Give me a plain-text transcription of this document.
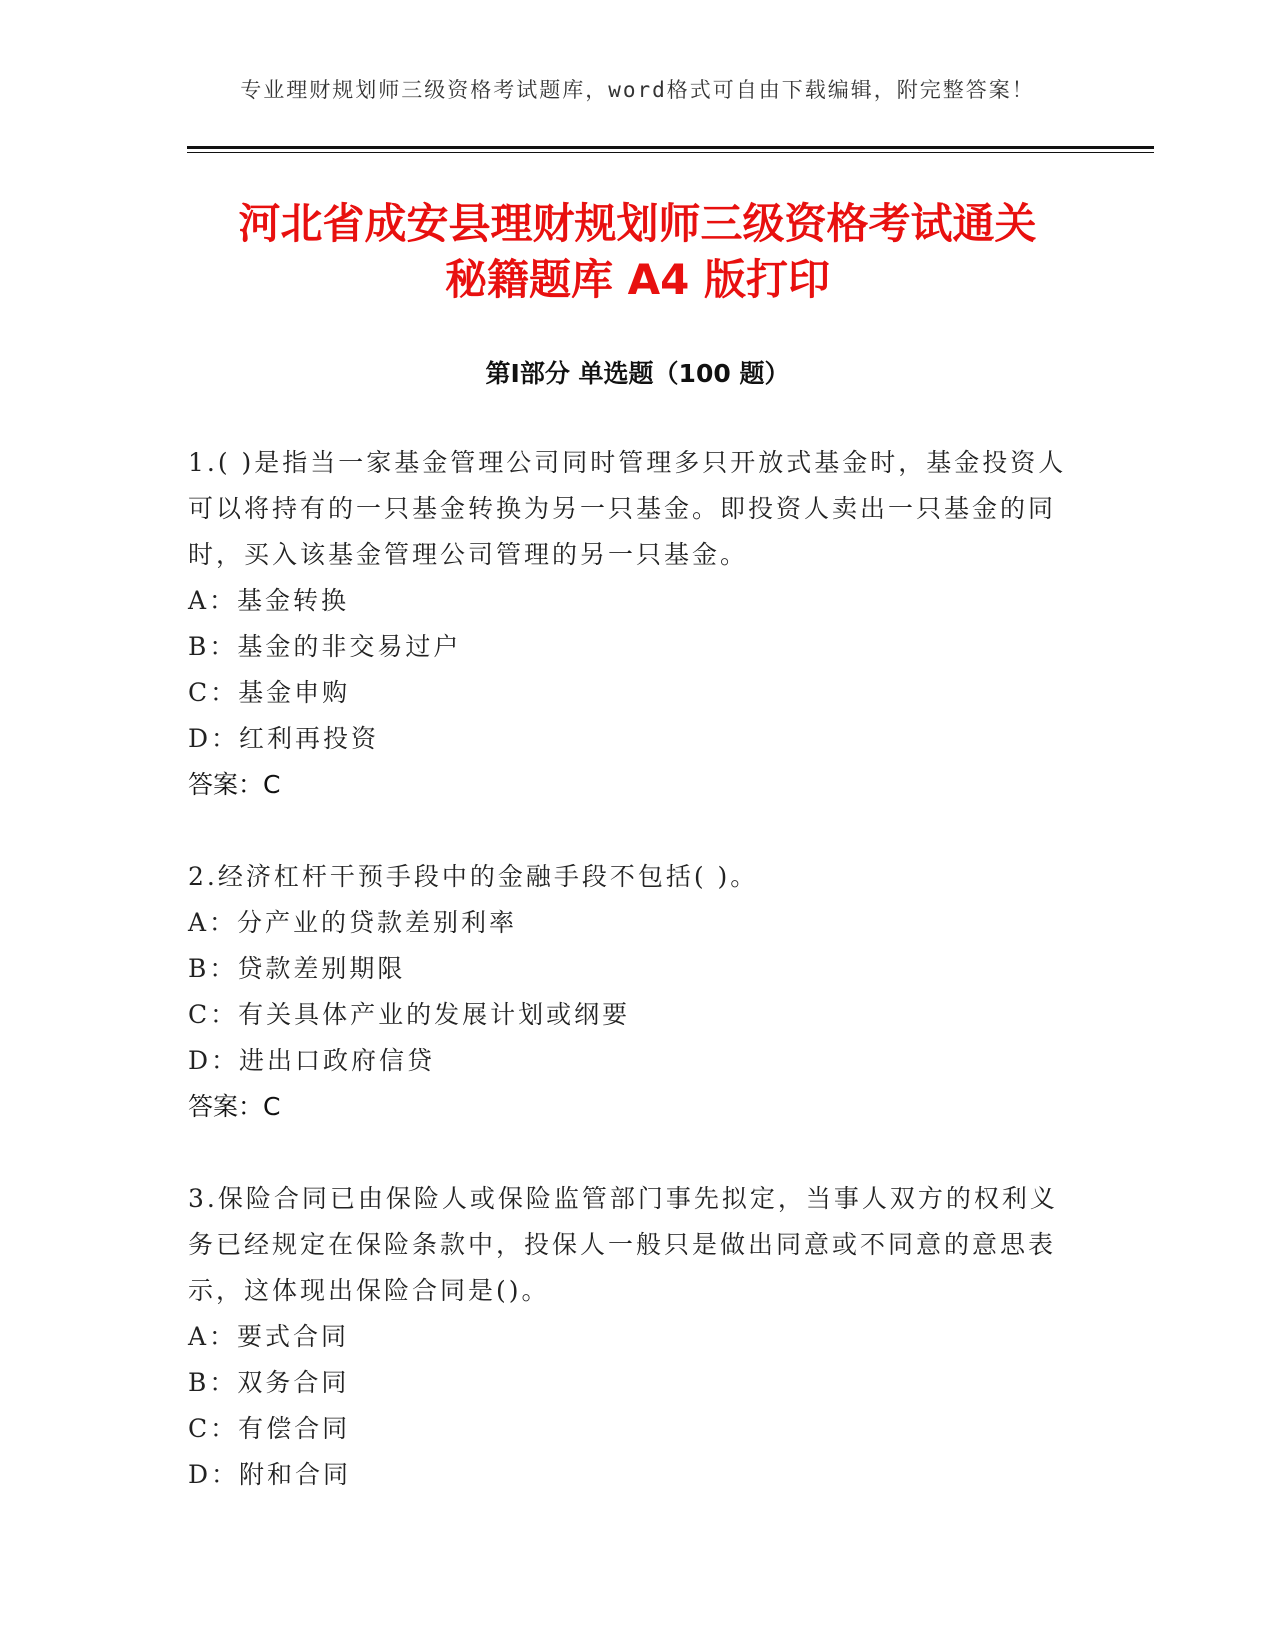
专业理财规划师三级资格考试题库，word格式可自由下载编辑，附完整答案！
河北省成安县理财规划师三级资格考试通关
秘籍题库 A4 版打印
第Ⅰ部分 单选题（100 题）
1.( )是指当一家基金管理公司同时管理多只开放式基金时，基金投资人可以将持有的一只基金转换为另一只基金。即投资人卖出一只基金的同时，买入该基金管理公司管理的另一只基金。
A：基金转换
B：基金的非交易过户
C：基金申购
D：红利再投资
答案：C
2.经济杠杆干预手段中的金融手段不包括( )。
A：分产业的贷款差别利率
B：贷款差别期限
C：有关具体产业的发展计划或纲要
D：进出口政府信贷
答案：C
3.保险合同已由保险人或保险监管部门事先拟定，当事人双方的权利义务已经规定在保险条款中，投保人一般只是做出同意或不同意的意思表示，这体现出保险合同是()。
A：要式合同
B：双务合同
C：有偿合同
D：附和合同
